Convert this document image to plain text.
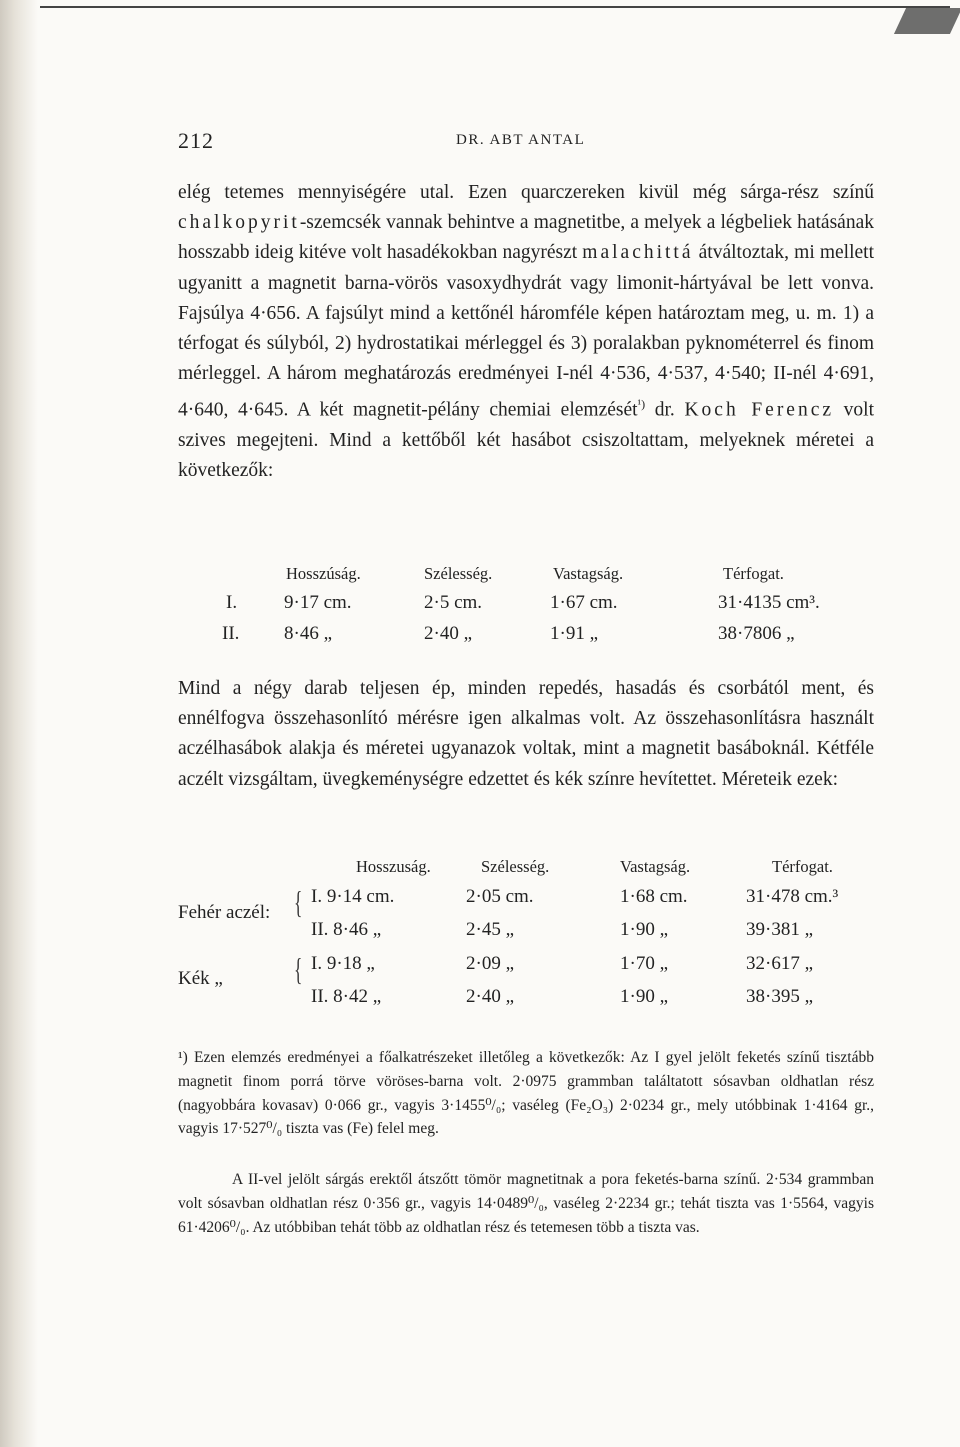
212	DR. ABT ANTAL

elég tetemes mennyiségére utal. Ezen quarczereken kivül még sárga-rész színű chalkopyrit-szemcsék vannak behintve a magnetitbe, a melyek a légbeliek hatásának hosszabb ideig kitéve volt hasadékokban nagyrészt malachittá átváltoztak, mi mellett ugyanitt a magnetit barna-vörös vasoxydhydrát vagy limonit-hártyával be lett vonva. Fajsúlya 4·656. A fajsúlyt mind a kettőnél háromféle képen határoztam meg, u. m. 1) a térfogat és súlyból, 2) hydrostatikai mérleggel és 3) poralakban pyknométerrel és finom mérleggel. A három meghatározás eredményei I-nél 4·536, 4·537, 4·540; II-nél 4·691, 4·640, 4·645. A két magnetit-pélány chemiai elemzését$^{^1)}$ dr. Koch Ferencz volt szives megejteni. Mind a kettőből két hasábot csiszoltattam, melyeknek méretei a következők:

Hosszúság.	Szélesség.	Vastagság.	Térfogat.
I. 9·17 cm.	2·5 cm.	1·67 cm.	31·4135 cm³.
II. 8·46 „	2·40 „	1·91 „	38·7806 „

Mind a négy darab teljesen ép, minden repedés, hasadás és csorbától ment, és ennélfogva összehasonlító mérésre igen alkalmas volt. Az összehasonlításra használt aczélhasábok alakja és méretei ugyanazok voltak, mint a magnetit basáboknál. Kétféle aczélt vizsgáltam, üvegkeménységre edzettet és kék színre hevítettet. Méreteik ezek:

Hosszuság.	Szélesség.	Vastagság.	Térfogat.
Fehér aczél: { I. 9·14 cm.	2·05 cm.	1·68 cm.	31·478 cm.³
II. 8·46 „	2·45 „	1·90 „	39·381 „
Kék „ { I. 9·18 „	2·09 „	1·70 „	32·617 „
II. 8·42 „	2·40 „	1·90 „	38·395 „

¹) Ezen elemzés eredményei a főalkatrészeket illetőleg a következők: Az I gyel jelölt feketés színű tisztább magnetit finom porrá törve vöröses-barna volt. 2·0975 grammban találtatott sósavban oldhatlan rész (nagyobbára kovasav) 0·066 gr., vagyis 3·1455⁰/₀; vaséleg (Fe₂O₃) 2·0234 gr., mely utóbbinak 1·4164 gr., vagyis 17·527⁰/₀ tiszta vas (Fe) felel meg.

A II-vel jelölt sárgás erektől átszőtt tömör magnetitnak a pora feketés-barna színű. 2·534 grammban volt sósavban oldhatlan rész 0·356 gr., vagyis 14·0489⁰/₀, vaséleg 2·2234 gr.; tehát tiszta vas 1·5564, vagyis 61·4206⁰/₀. Az utóbbiban tehát több az oldhatlan rész és tetemesen több a tiszta vas.
